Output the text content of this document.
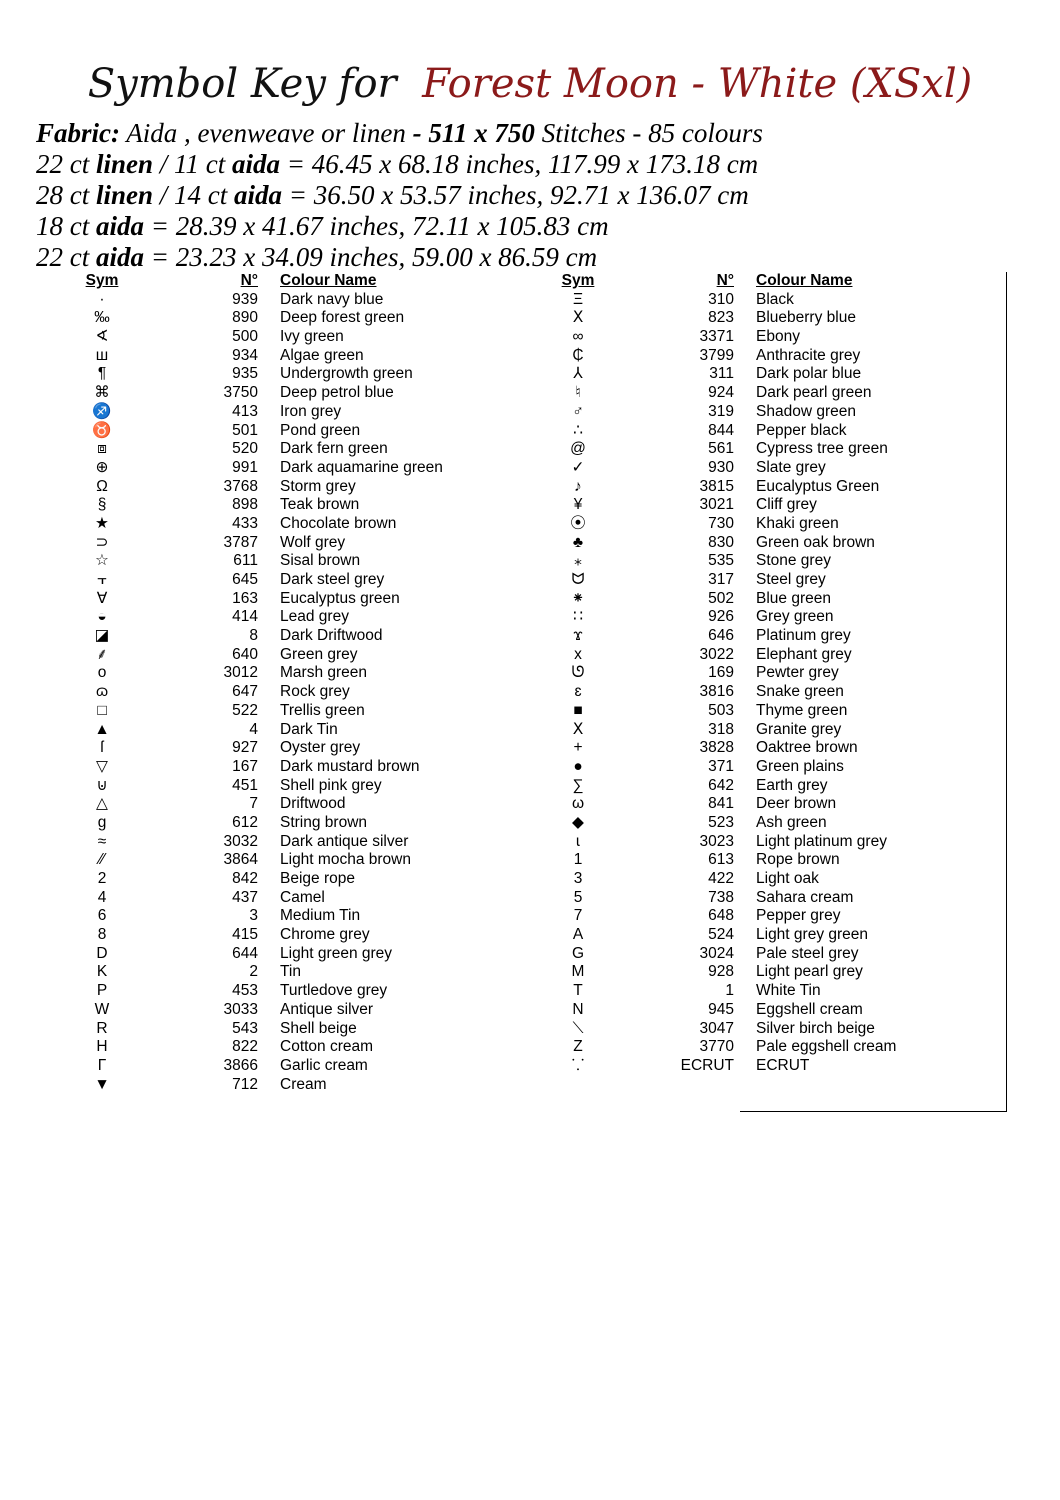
Symbol Key for Forest Moon - White (XSxl)
Fabric: Aida , evenweave or linen - 511 x 750 Stitches - 85 colours
22 ct linen / 11 ct aida = 46.45 x 68.18 inches, 117.99 x 173.18 cm
28 ct linen / 14 ct aida = 36.50 x 53.57 inches, 92.71 x 136.07 cm
18 ct aida = 28.39 x 41.67 inches, 72.11 x 105.83 cm
22 ct aida = 23.23 x 34.09 inches, 59.00 x 86.59 cm
Sym	N° Colour Name
·	939 Dark navy blue
‰	890 Deep forest green
∢	500 Ivy green
ш	934 Algae green
¶	935 Undergrowth green
⌘	3750 Deep petrol blue
♐	413 Iron grey
♉	501 Pond green
⧈	520 Dark fern green
⊕	991 Dark aquamarine green
Ω	3768 Storm grey
§	898 Teak brown
★	433 Chocolate brown
⊃	3787 Wolf grey
☆	611 Sisal brown
⫟	645 Dark steel grey
∀	163 Eucalyptus green
◒	414 Lead grey
◪	8 Dark Driftwood
⸙	640 Green grey
o	3012 Marsh green
ɷ	647 Rock grey
□	522 Trellis green
▲	4 Dark Tin
ſ	927 Oyster grey
▽	167 Dark mustard brown
⊍	451 Shell pink grey
△	7 Driftwood
g	612 String brown
≈	3032 Dark antique silver
⁄⁄	3864 Light mocha brown
2	842 Beige rope
4	437 Camel
6	3 Medium Tin
8	415 Chrome grey
D	644 Light green grey
K	2 Tin
P	453 Turtledove grey
W	3033 Antique silver
R	543 Shell beige
H	822 Cotton cream
Γ	3866 Garlic cream
▼	712 Cream
Sym	N° Colour Name
Ξ	310 Black
Ⅹ	823 Blueberry blue
∞	3371 Ebony
₵	3799 Anthracite grey
⅄	311 Dark polar blue
♮	924 Dark pearl green
♂	319 Shadow green
∴	844 Pepper black
@	561 Cypress tree green
✓	930 Slate grey
♪	3815 Eucalyptus Green
¥	3021 Cliff grey
⦿	730 Khaki green
♣	830 Green oak brown
⁎	535 Stone grey
ᗢ	317 Steel grey
⁕	502 Blue green
∷	926 Grey green
ϫ	646 Platinum grey
x	3022 Elephant grey
ᘎ	169 Pewter grey
ɛ	3816 Snake green
■	503 Thyme green
Ⅹ	318 Granite grey
+	3828 Oaktree brown
●	371 Green plains
∑	642 Earth grey
ω	841 Deer brown
◆	523 Ash green
ɩ	3023 Light platinum grey
1	613 Rope brown
3	422 Light oak
5	738 Sahara cream
7	648 Pepper grey
A	524 Light grey green
G	3024 Pale steel grey
M	928 Light pearl grey
T	1 White Tin
N	945 Eggshell cream
⟍	3047 Silver birch beige
Z	3770 Pale eggshell cream
⸪	ECRUT ECRUT
